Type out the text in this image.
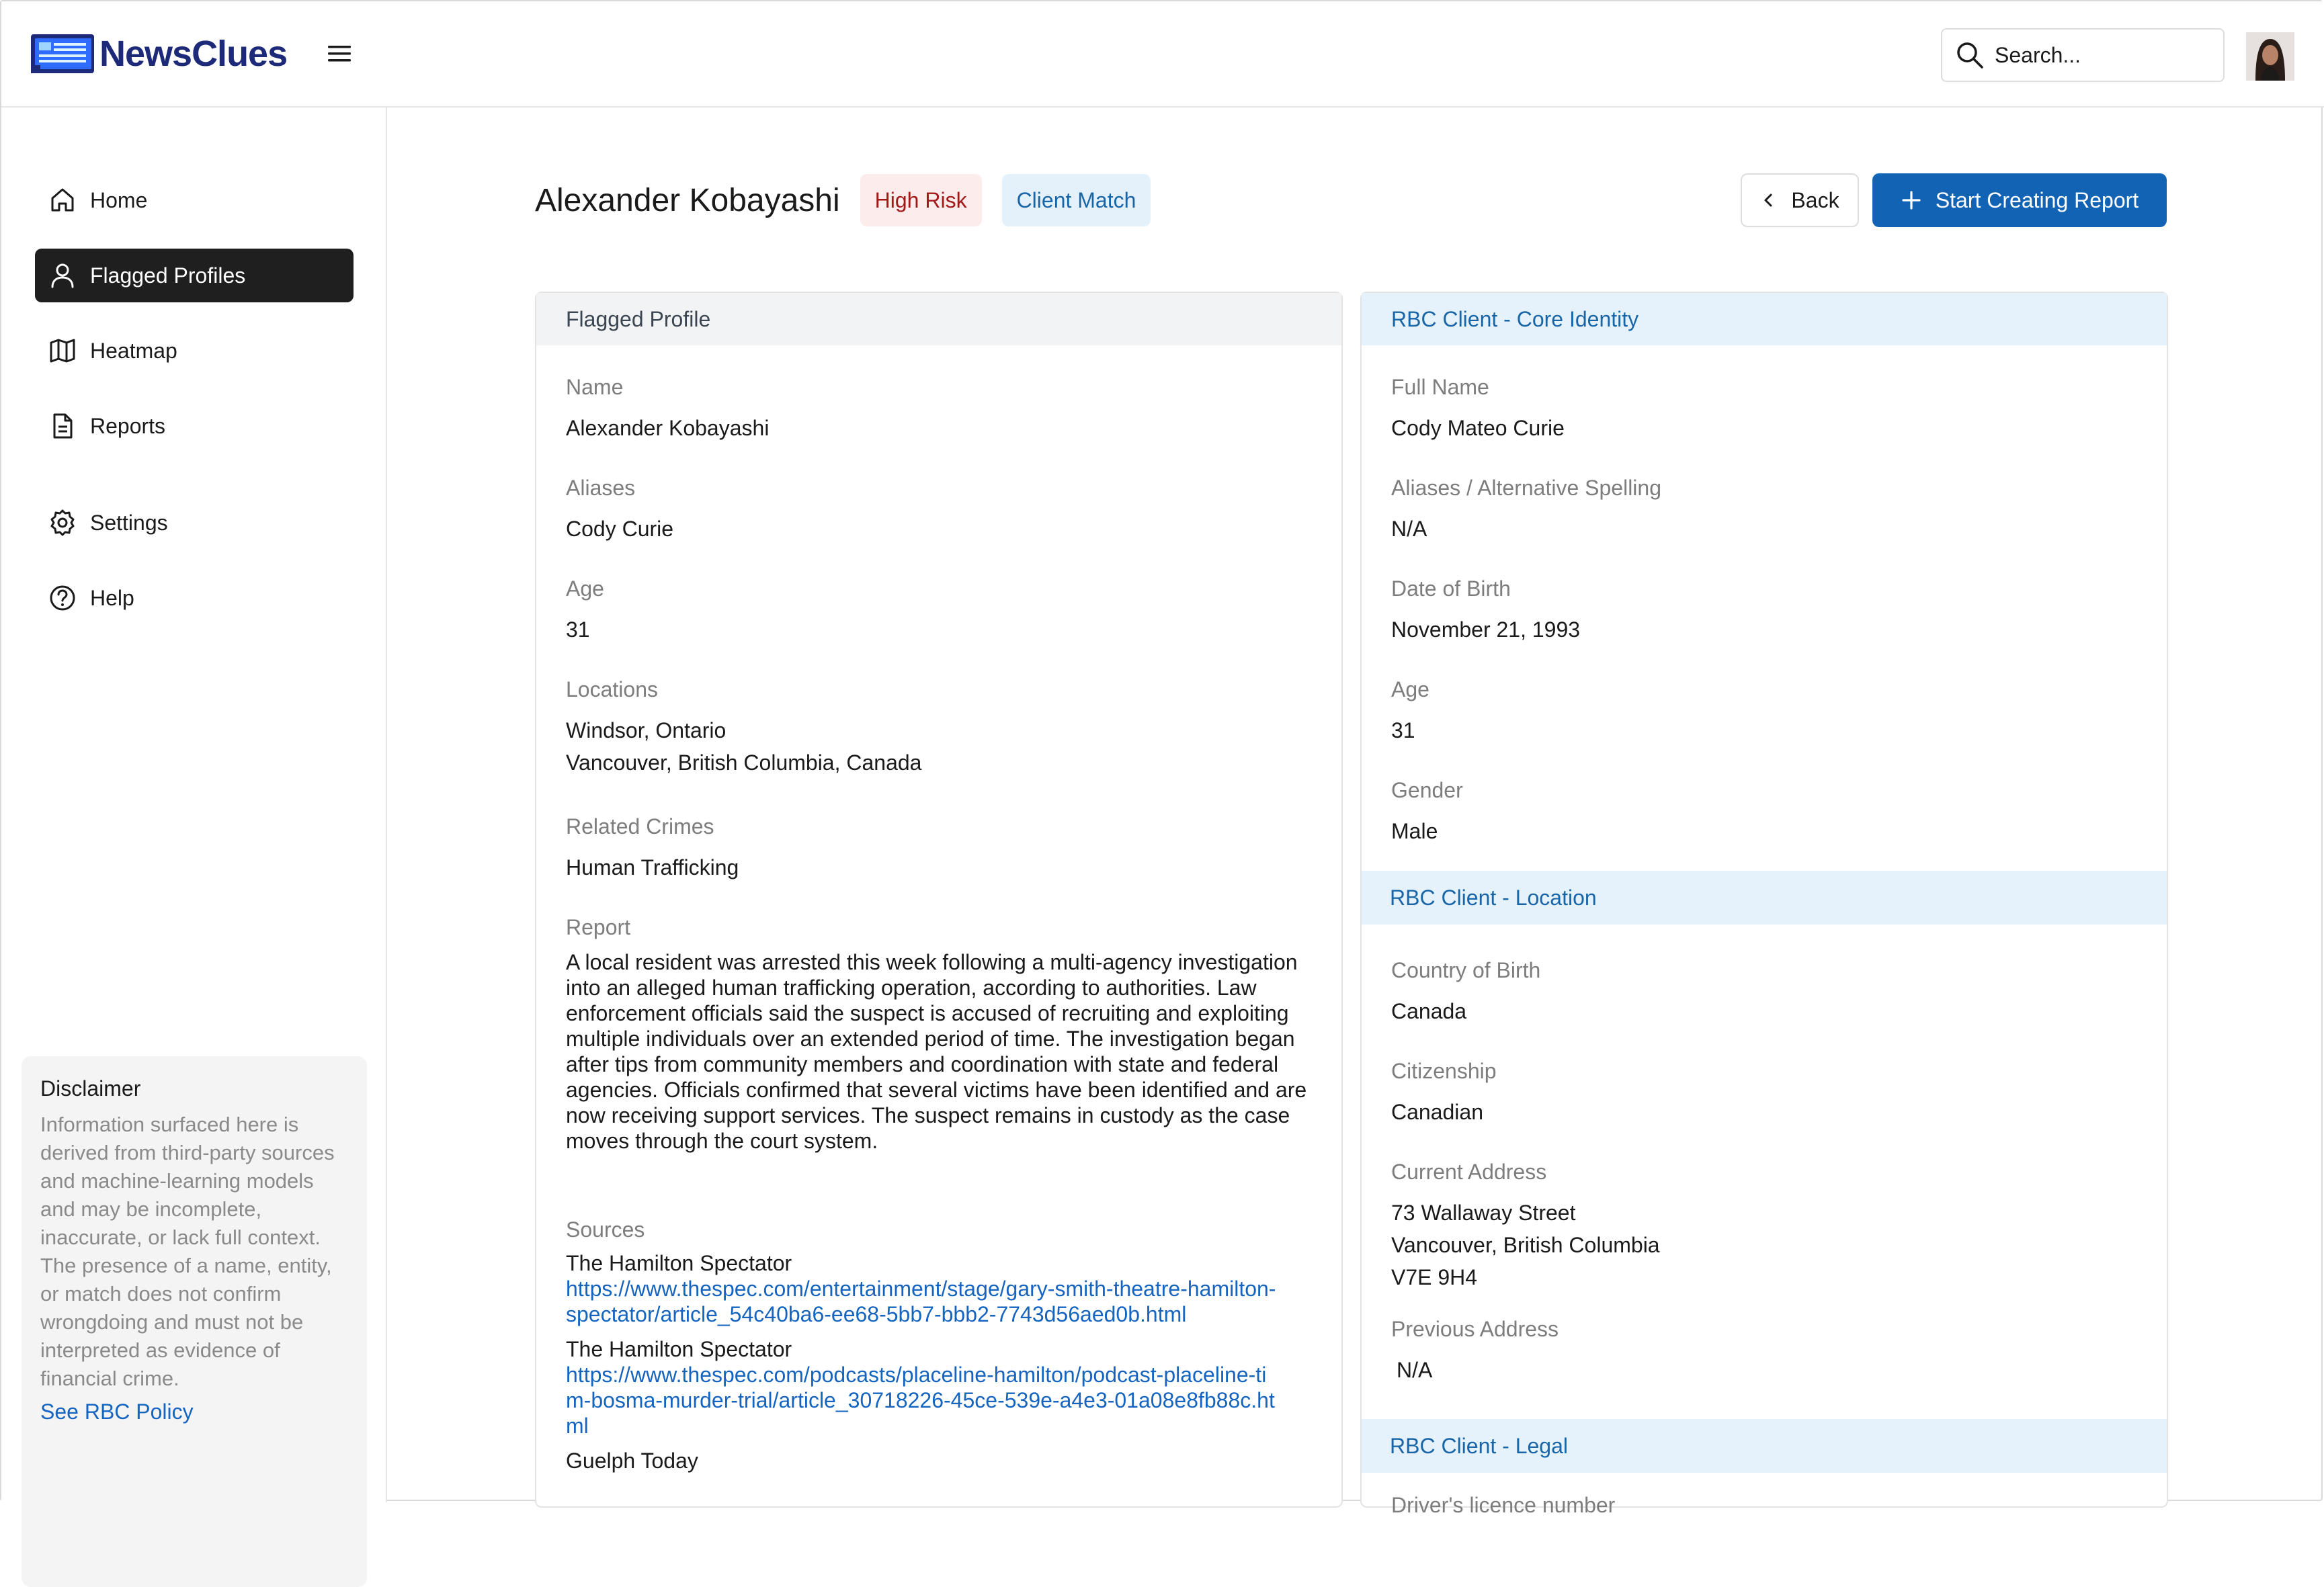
NewsClues
Search...
Home
Flagged Profiles
Heatmap
Reports
Settings
Help
Disclaimer
Information surfaced here is derived from third-party sources and machine-learning models and may be incomplete, inaccurate, or lack full context. The presence of a name, entity, or match does not confirm wrongdoing and must not be interpreted as evidence of financial crime.
See RBC Policy
Alexander Kobayashi	High Risk	Client Match	Back	Start Creating Report
Flagged Profile
Name
Alexander Kobayashi
Aliases
Cody Curie
Age
31
Locations
Windsor, Ontario
Vancouver, British Columbia, Canada
Related Crimes
Human Trafficking
Report
A local resident was arrested this week following a multi-agency investigation into an alleged human trafficking operation, according to authorities. Law enforcement officials said the suspect is accused of recruiting and exploiting multiple individuals over an extended period of time. The investigation began after tips from community members and coordination with state and federal agencies. Officials confirmed that several victims have been identified and are now receiving support services. The suspect remains in custody as the case moves through the court system.
Sources
The Hamilton Spectator
https://www.thespec.com/entertainment/stage/gary-smith-theatre-hamilton-spectator/article_54c40ba6-ee68-5bb7-bbb2-7743d56aed0b.html
The Hamilton Spectator
https://www.thespec.com/podcasts/placeline-hamilton/podcast-placeline-tim-bosma-murder-trial/article_30718226-45ce-539e-a4e3-01a08e8fb88c.html
Guelph Today
RBC Client - Core Identity
Full Name
Cody Mateo Curie
Aliases / Alternative Spelling
N/A
Date of Birth
November 21, 1993
Age
31
Gender
Male
RBC Client - Location
Country of Birth
Canada
Citizenship
Canadian
Current Address
73 Wallaway Street
Vancouver, British Columbia
V7E 9H4
Previous Address
N/A
RBC Client - Legal
Driver's licence number
